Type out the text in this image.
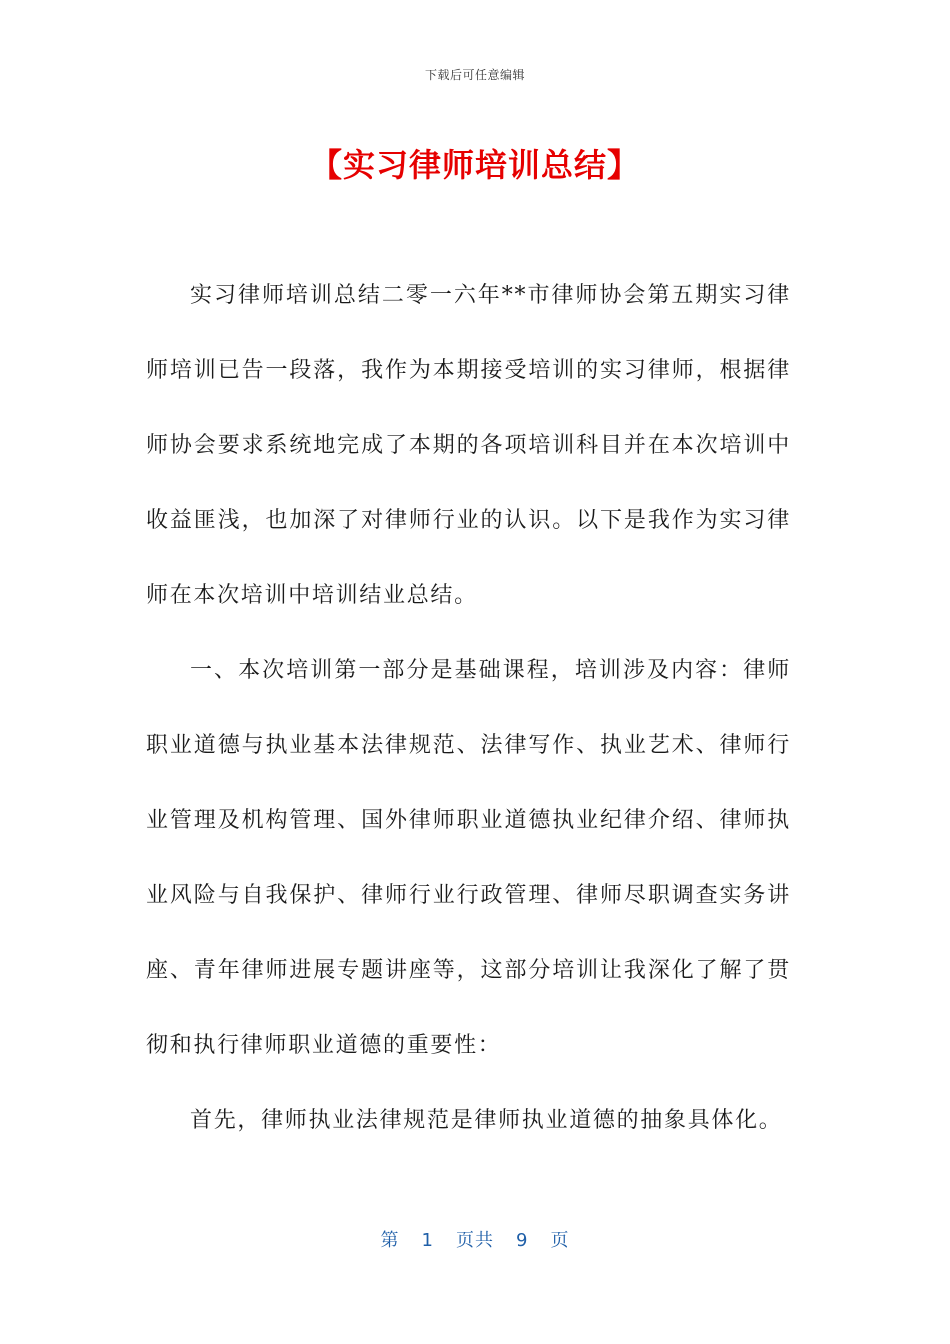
下载后可任意编辑
【实习律师培训总结】

实习律师培训总结二零一六年**市律师协会第五期实习律师培训已告一段落，我作为本期接受培训的实习律师，根据律师协会要求系统地完成了本期的各项培训科目并在本次培训中收益匪浅，也加深了对律师行业的认识。以下是我作为实习律师在本次培训中培训结业总结。

一、本次培训第一部分是基础课程，培训涉及内容：律师职业道德与执业基本法律规范、法律写作、执业艺术、律师行业管理及机构管理、国外律师职业道德执业纪律介绍、律师执业风险与自我保护、律师行业行政管理、律师尽职调查实务讲座、青年律师进展专题讲座等，这部分培训让我深化了解了贯彻和执行律师职业道德的重要性：

首先，律师执业法律规范是律师执业道德的抽象具体化。

第 1 页共 9 页
